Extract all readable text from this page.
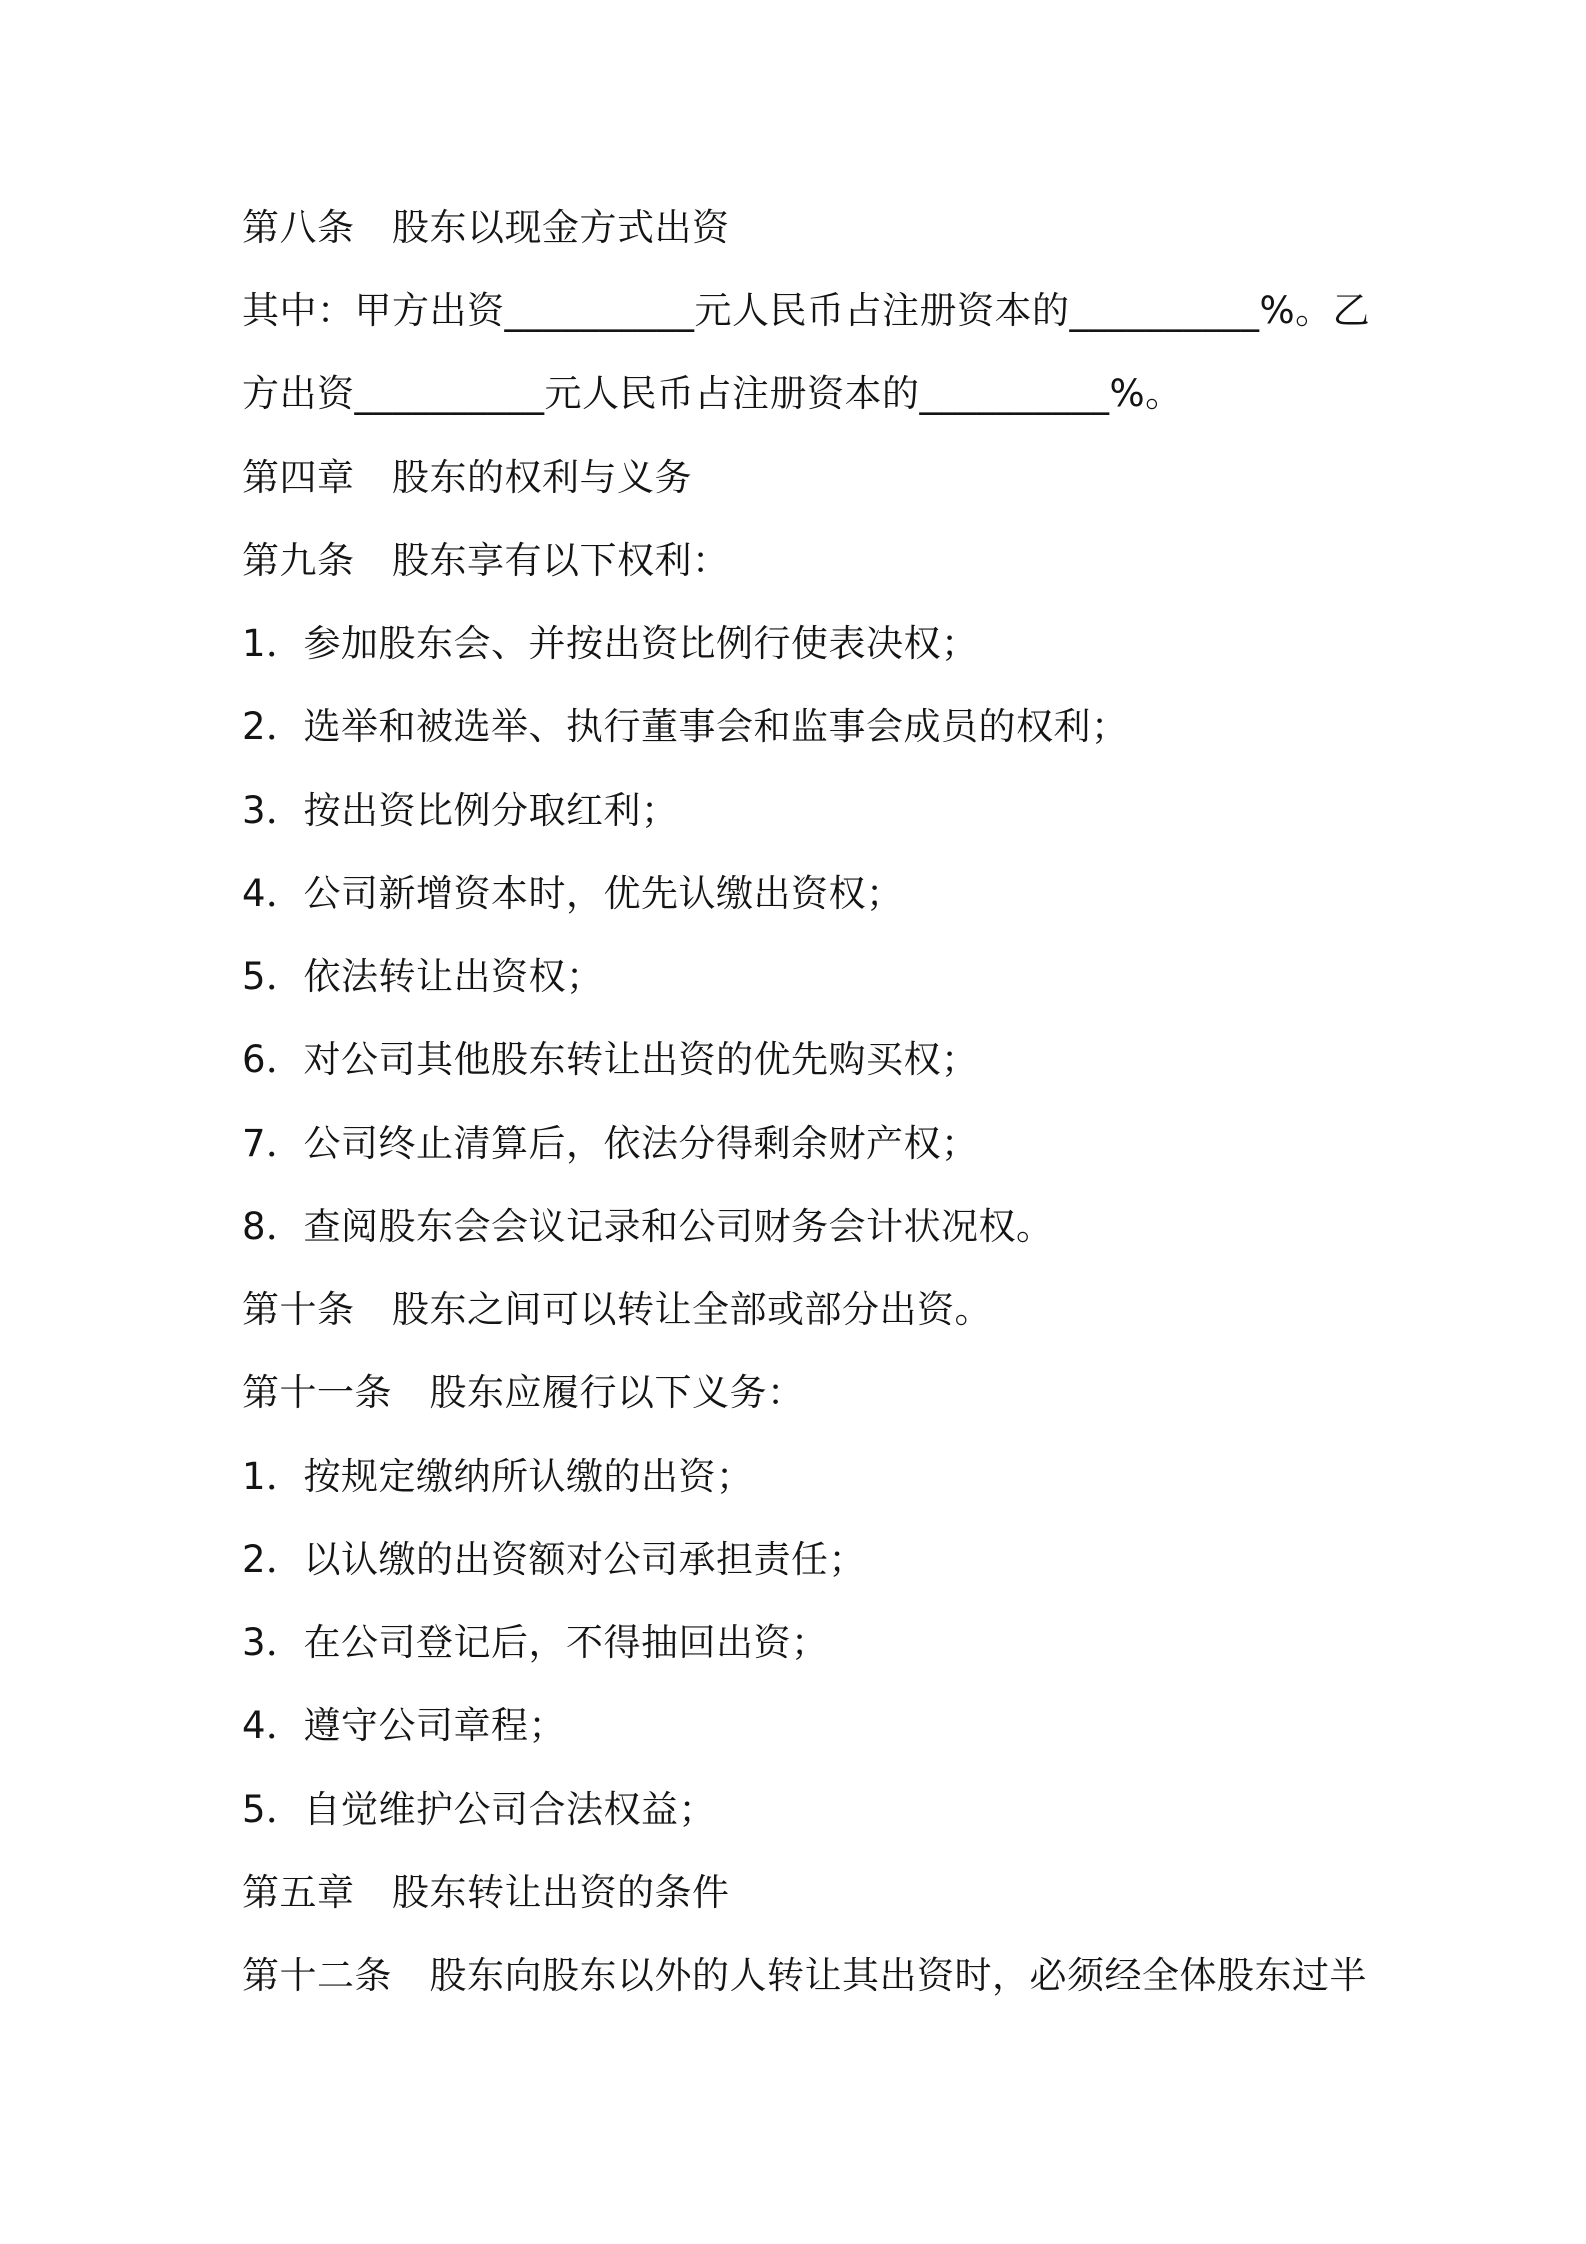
第八条　股东以现金方式出资
其中：甲方出资__________元人民币占注册资本的__________%。乙
方出资__________元人民币占注册资本的__________%。
第四章　股东的权利与义务
第九条　股东享有以下权利：
1．参加股东会、并按出资比例行使表决权；
2．选举和被选举、执行董事会和监事会成员的权利；
3．按出资比例分取红利；
4．公司新增资本时，优先认缴出资权；
5．依法转让出资权；
6．对公司其他股东转让出资的优先购买权；
7．公司终止清算后，依法分得剩余财产权；
8．查阅股东会会议记录和公司财务会计状况权。
第十条　股东之间可以转让全部或部分出资。
第十一条　股东应履行以下义务：
1．按规定缴纳所认缴的出资；
2．以认缴的出资额对公司承担责任；
3．在公司登记后，不得抽回出资；
4．遵守公司章程；
5．自觉维护公司合法权益；
第五章　股东转让出资的条件
第十二条　股东向股东以外的人转让其出资时，必须经全体股东过半
